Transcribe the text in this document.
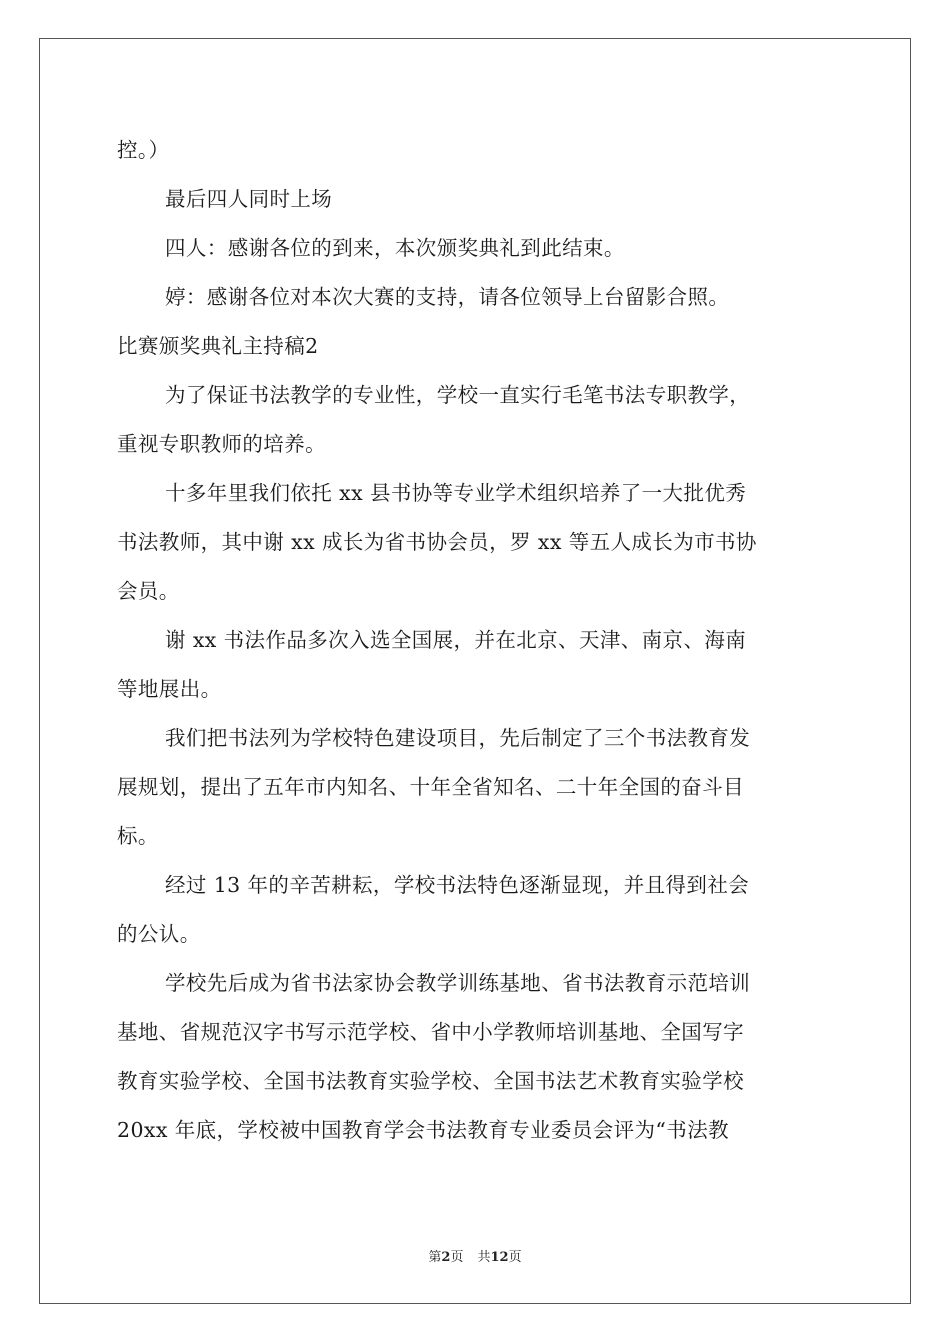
控。）
最后四人同时上场
四人：感谢各位的到来，本次颁奖典礼到此结束。
婷：感谢各位对本次大赛的支持，请各位领导上台留影合照。
比赛颁奖典礼主持稿2
为了保证书法教学的专业性，学校一直实行毛笔书法专职教学，
重视专职教师的培养。
十多年里我们依托 xx 县书协等专业学术组织培养了一大批优秀
书法教师，其中谢 xx 成长为省书协会员，罗 xx 等五人成长为市书协
会员。
谢 xx 书法作品多次入选全国展，并在北京、天津、南京、海南
等地展出。
我们把书法列为学校特色建设项目，先后制定了三个书法教育发
展规划，提出了五年市内知名、十年全省知名、二十年全国的奋斗目
标。
经过 13 年的辛苦耕耘，学校书法特色逐渐显现，并且得到社会
的公认。
学校先后成为省书法家协会教学训练基地、省书法教育示范培训
基地、省规范汉字书写示范学校、省中小学教师培训基地、全国写字
教育实验学校、全国书法教育实验学校、全国书法艺术教育实验学校
20xx 年底，学校被中国教育学会书法教育专业委员会评为“书法教
第2页 共12页
